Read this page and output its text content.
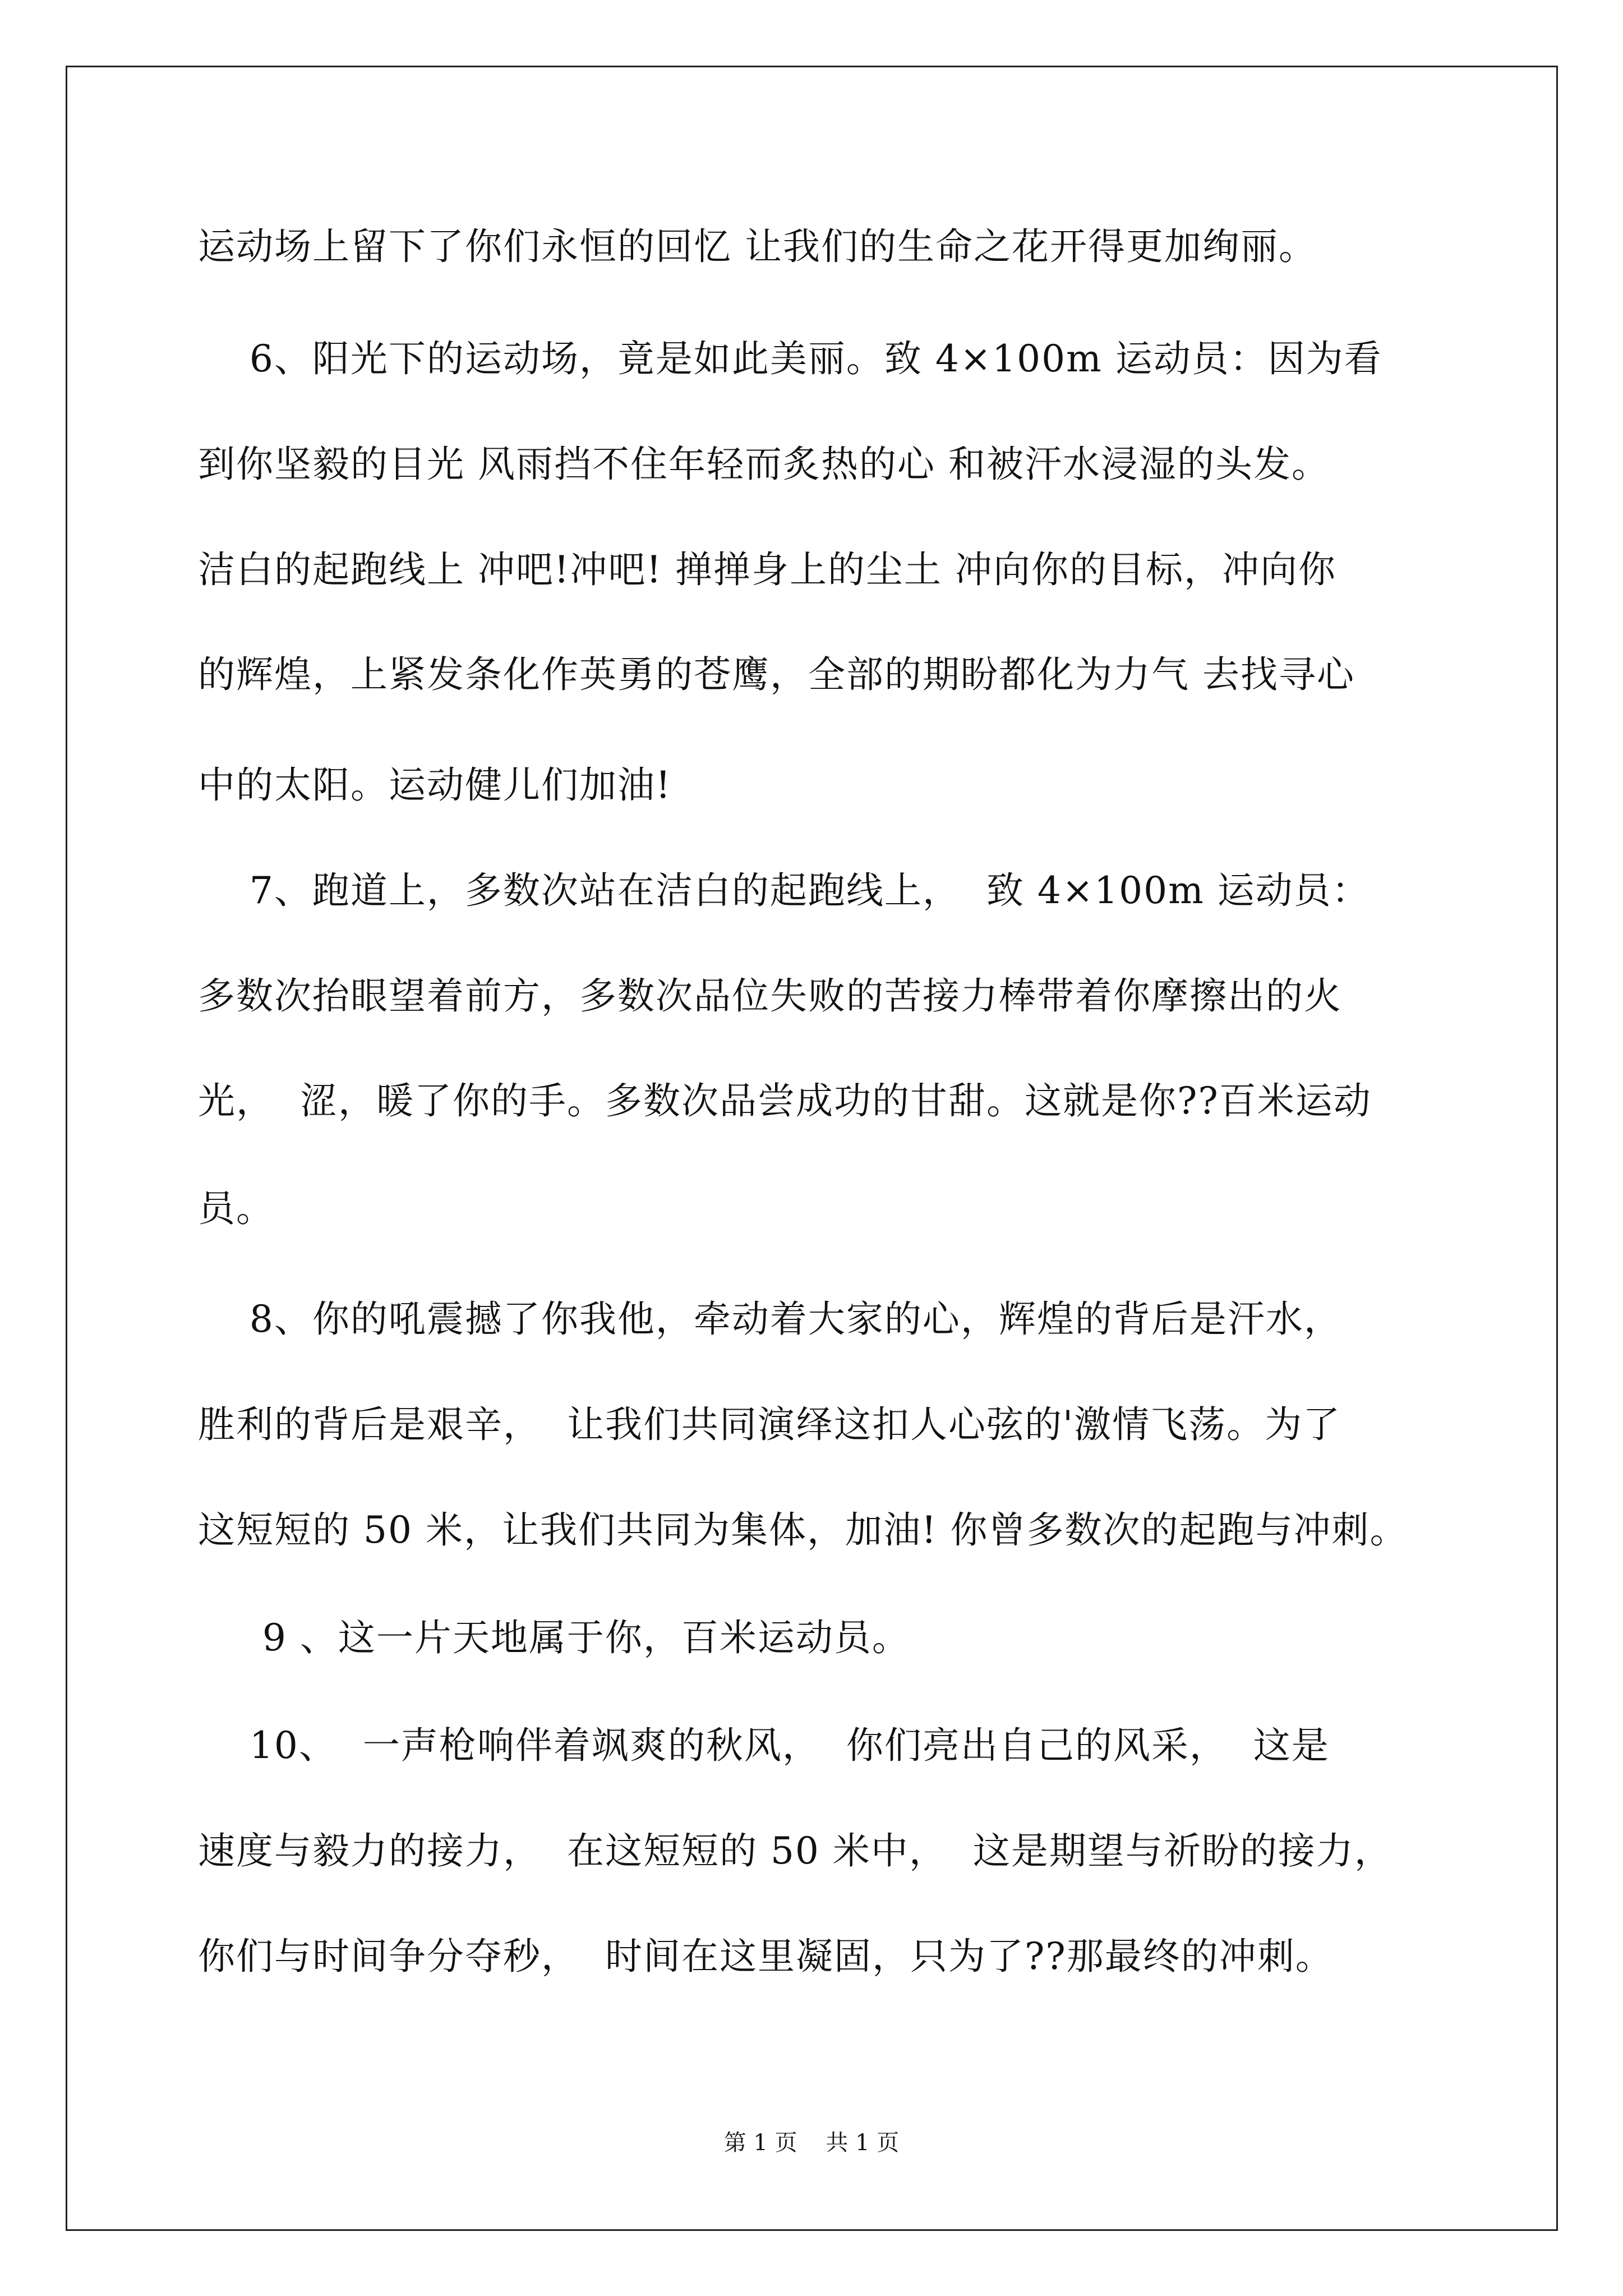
运动场上留下了你们永恒的回忆 让我们的生命之花开得更加绚丽。
6、阳光下的运动场，竟是如此美丽。致 4×100m 运动员：因为看
到你坚毅的目光 风雨挡不住年轻而炙热的心 和被汗水浸湿的头发。
洁白的起跑线上 冲吧!冲吧! 掸掸身上的尘土 冲向你的目标，冲向你
的辉煌，上紧发条化作英勇的苍鹰，全部的期盼都化为力气 去找寻心
中的太阳。运动健儿们加油!
7、跑道上，多数次站在洁白的起跑线上，  致 4×100m 运动员：
多数次抬眼望着前方，多数次品位失败的苦接力棒带着你摩擦出的火
光，  涩，暖了你的手。多数次品尝成功的甘甜。这就是你??百米运动
员。
8、你的吼震撼了你我他，牵动着大家的心，辉煌的背后是汗水，
胜利的背后是艰辛，  让我们共同演绎这扣人心弦的'激情飞荡。为了
这短短的 50 米，让我们共同为集体，加油! 你曾多数次的起跑与冲刺。
9 、这一片天地属于你，百米运动员。
10、  一声枪响伴着飒爽的秋风，  你们亮出自己的风采，  这是
速度与毅力的接力，  在这短短的 50 米中，  这是期望与祈盼的接力，
你们与时间争分夺秒，  时间在这里凝固，只为了??那最终的冲刺。
第 1 页    共 1 页
